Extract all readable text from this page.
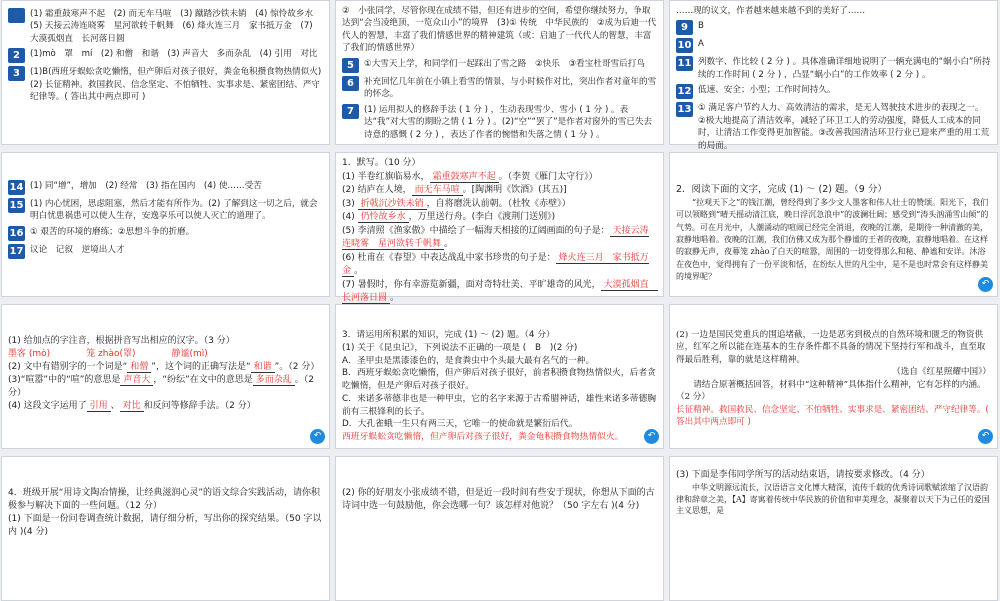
(1) 霜重鼓寒声不起　(2) 而无车马喧　(3) 蹴踏沙铁未销　(4) 惊怜故乡水　(5) 天接云涛连晓雾　星河欲转千帆舞　(6) 烽火连三月　家书抵万金　(7) 大漠孤烟直　长河落日圆
2	(1)mò　罩　mí　(2) 和僧　和谐　(3) 声音大　多而杂乱　(4) 引用　对比
3	(1)B(西班牙蜈蚣贪吃懒惰，但产卵后对孩子很好，粪金龟积攒食物热情似火)　(2) 长征精神。救国救民、信念坚定、不怕牺牲、实事求是、紧密团结、严守纪律等。( 答出其中两点即可 )
②　小张同学，尽管你现在成绩不错，但还有进步的空间，希望你继续努力，争取达到“会当凌绝顶，一览众山小”的境界　(3)① 传统　中华民族的　②成为后迪一代代人的智慧，丰富了我们情感世界的精神建筑（或：启迪了一代代人的智慧，丰富了我们的情感世界）
5	①大雪天上学，和同学们一起踩出了雪之路　②快乐　③看宝杜哥雪后打鸟
6	补充回忆几年前在小镇上看雪的情景，与小时候作对比，突出作者对童年的雪的怀念。
7	(1) 运用拟人的修辞手法 ( 1 分 ) ，生动表现雪少、雪小 ( 1 分 ) 。表达“我”对大雪的期盼之情 ( 1 分 ) 。(2)“空”“罢了”是作者对窗外的雪已失去诗意的感慨 ( 2 分 ) ，表达了作者的惋惜和失落之情 ( 1 分 ) 。
……现的议文，作者越来越来越不到的美好了……
9	B
10 A
11 列数字、作比较 ( 2 分 ) 。具体准确详细地说明了一辆充满电的“蜗小白”所持续的工作时间 ( 2 分 ) ，凸显“蜗小白”的工作效率 ( 2 分 ) 。
12 低速、安全；小型；工作时间持久。
13 ① 满足客户节约人力、高效清洁的需求，是无人驾驶技术进步的表现之一。②极大地提高了清洁效率，减轻了环卫工人的劳动强度，降低人工成本的同时，让清洁工作变得更加智能。③改善我国清洁环卫行业已迎来严重的用工荒的局面。
14 (1) 同“增”，增加　(2) 经常　(3) 指在国内　(4) 使……受苦
15 (1) 内心忧困，思虑阻塞，然后才能有所作为。(2) 了解到这一切之后，就会明白忧患祸患可以使人生存，安逸享乐可以使人灭亡的道理了。
16 ① 艰苦的环境的磨练；②思想斗争的折磨。
17 议论　记叙　逆境出人才
1．默写。（10 分）
(1) 半卷红旗临易水， 霜重鼓寒声不起 。（李贺《雁门太守行》）
(2) 结庐在人境， 而无车马喧 。[陶渊明《饮酒》(其五)]
(3) 折戟沉沙铁未销 ，自将磨洗认前朝。（杜牧《赤壁》）
(4) 仍怜故乡水 ，万里送行舟。(李白《渡荆门送别》)
(5) 李清照《渔家傲》中描绘了一幅海天相接的辽阔画面的句子是： 天接云涛连晓雾　星河欲转千帆舞 。
(6) 杜甫在《春望》中表达战乱中家书珍贵的句子是： 烽火连三月　家书抵万金 。
(7) 暑假时，你有幸游览新疆，面对奇特壮美、平旷雄奇的风光， 大漠孤烟直　长河落日圆 。
2．阅读下面的文字，完成 (1) ～ (2) 题。（9 分）
“拉观天下之”的钱江潮，曾经得到了多少文人墨客和伟人壮士的赞颂。阳光下，我们可以领略到“晴天摇动清江底，晚日浮沉急浪中”的波澜壮阔；感受到“涛头汹涌雪山倾”的气势。可在月光中，人潮涌动的喧闹已经完全消退，夜晚的江潮，是期待一种清澈的美，寂静地唱着。夜晚的江潮，我们仿佛又成为那个静谧的王者的夜晚，寂静地唱着。在这样的寂静无声，夜幕笼 zhào了白天的喧嚣，周围的一切变得那么和秘、静谧和安详。沐浴在夜色中，觉得拥有了一份平淡和恬，在纷纭人世的凡尘中，是不是也时常会有这样静美的境界呢？
↶
(1) 给加点的字注音，根据拼音写出相应的汉字。（3 分）
墨客 (mò)　　　　笼 zhào(罩)　　　　静谧(mì)
(2) 文中有错别字的一个词是“ 和僧 ”，这个词的正确写法是“ 和谐 ”。（2 分）
(3)“喧嚣”中的“喧”的意思是 声音大 ，“纷纭”在文中的意思是 多而杂乱 。（2 分）
(4) 这段文字运用了 引用 、 对比 和反问等修辞手法。（2 分）
↶
3．请运用所积累的知识，完成 (1) ～ (2) 题。（4 分）
(1) 关于《昆虫记》，下列说法不正确的一项是 (　B　)(2 分)
A．圣甲虫是黑漆漆色的，是食粪虫中个头最大最有名气的一种。
B．西班牙蜈蚣贪吃懒惰，但产卵后对孩子很好，前者积攒食物热情似火，后者贪吃懒惰，但是产卵后对孩子很好。
C．来诺多蒂德非也是一种甲虫，它的名字来源于古希腊神话，雄性来诺多蒂德胸前有三根锋利的长子。
D．大孔雀蛾一生只有两三天，它唯一的使命就是繁衍后代。
西班牙蜈蚣贪吃懒惰，但产卵后对孩子很好，粪金龟积攒食物热情似火。	↶
(2) 一边是国民党重兵的围追堵截，一边是恶劣到极点的自然环境和匮乏的物资供应，红军之所以能在连基本的生存条件都不具备的情况下坚持行军和战斗，直至取得最后胜利，靠的就是这样精神。
（选自《红星照耀中国》）
请结合原著概括回答，材料中“这种精神”具体指什么精神，它有怎样的内涵。（2 分）
长征精神。救国救民、信念坚定、不怕牺牲、实事求是、紧密团结、严守纪律等。( 答出其中两点即可 )
↶
4．班级开展“用诗文陶冶情操，让经典滋润心灵”的语文综合实践活动，请你积极参与解决下面的一些问题。（12 分）
(1) 下面是一份问卷调查统计数据，请仔细分析，写出你的探究结果。（50 字以内 )(4 分)
(2) 你的好朋友小张成绩不错，但是近一段时间有些安于现状，你想从下面的古诗词中选一句鼓励他，你会选哪一句？该怎样对他说？（50 字左右 )(4 分)
(3) 下面是李伟同学所写的活动结束语，请按要求修改。（4 分）
中华文明源远流长，汉语语言文化博大精深，流传千载的优秀诗词歌赋浓缩了汉语韵律和辞章之美，【A】寄寓着传统中华民族的价值和审美理念，凝聚着以天下为己任的爱国主义思想，是
